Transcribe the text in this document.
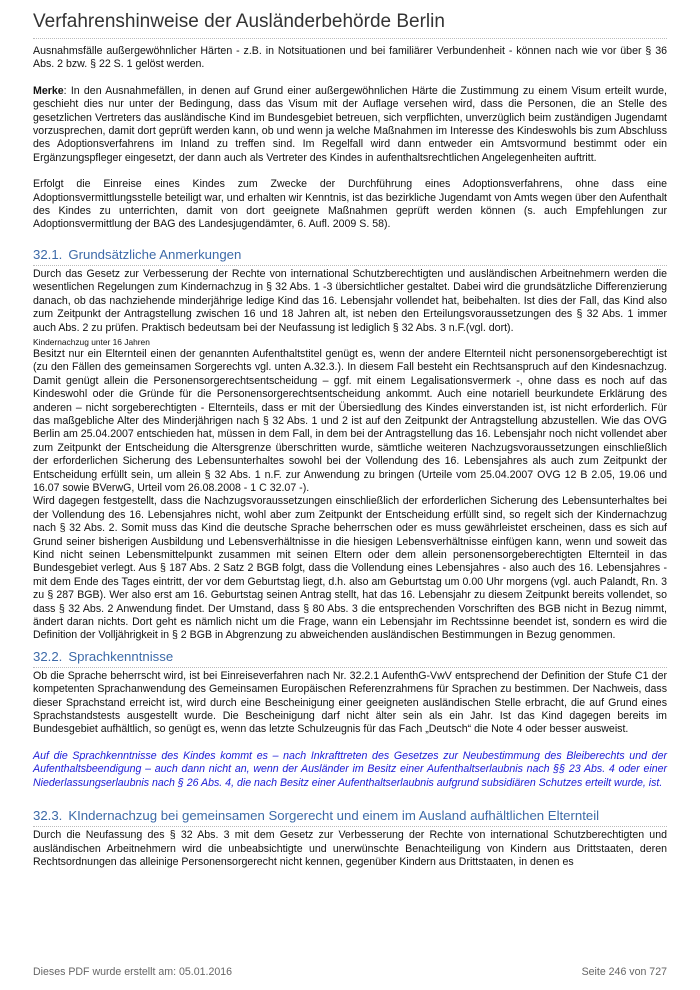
Verfahrenshinweise der Ausländerbehörde Berlin

Ausnahmsfälle außergewöhnlicher Härten - z.B. in Notsituationen und bei familiärer Verbundenheit - können nach wie vor über § 36 Abs. 2 bzw. § 22 S. 1 gelöst werden.

Merke: In den Ausnahmefällen, in denen auf Grund einer außergewöhnlichen Härte die Zustimmung zu einem Visum erteilt wurde, geschieht dies nur unter der Bedingung, dass das Visum mit der Auflage versehen wird, dass die Personen, die an Stelle des gesetzlichen Vertreters das ausländische Kind im Bundesgebiet betreuen, sich verpflichten, unverzüglich beim zuständigen Jugendamt vorzusprechen, damit dort geprüft werden kann, ob und wenn ja welche Maßnahmen im Interesse des Kindeswohls bis zum Abschluss des Adoptionsverfahrens im Inland zu treffen sind. Im Regelfall wird dann entweder ein Amtsvormund bestimmt oder ein Ergänzungspfleger eingesetzt, der dann auch als Vertreter des Kindes in aufenthaltsrechtlichen Angelegenheiten auftritt.

Erfolgt die Einreise eines Kindes zum Zwecke der Durchführung eines Adoptionsverfahrens, ohne dass eine Adoptionsvermittlungsstelle beteiligt war, und erhalten wir Kenntnis, ist das bezirkliche Jugendamt von Amts wegen über den Aufenthalt des Kindes zu unterrichten, damit von dort geeignete Maßnahmen geprüft werden können (s. auch Empfehlungen zur Adoptionsvermittlung der BAG des Landesjugendämter, 6. Aufl. 2009 S. 58).

32.1. Grundsätzliche Anmerkungen

Durch das Gesetz zur Verbesserung der Rechte von international Schutzberechtigten und ausländischen Arbeitnehmern werden die wesentlichen Regelungen zum Kindernachzug in § 32 Abs. 1 -3 übersichtlicher gestaltet. Dabei wird die grundsätzliche Differenzierung danach, ob das nachziehende minderjährige ledige Kind das 16. Lebensjahr vollendet hat, beibehalten. Ist dies der Fall, das Kind also zum Zeitpunkt der Antragstellung zwischen 16 und 18 Jahren alt, ist neben den Erteilungsvoraussetzungen des § 32 Abs. 1 immer auch Abs. 2 zu prüfen. Praktisch bedeutsam bei der Neufassung ist lediglich § 32 Abs. 3 n.F.(vgl. dort).

Kindernachzug unter 16 Jahren

Besitzt nur ein Elternteil einen der genannten Aufenthaltstitel genügt es, wenn der andere Elternteil nicht personensorgeberechtigt ist (zu den Fällen des gemeinsamen Sorgerechts vgl. unten A.32.3.). In diesem Fall besteht ein Rechtsanspruch auf den Kindesnachzug. Damit genügt allein die Personensorgerechtsentscheidung – ggf. mit einem Legalisationsvermerk -, ohne dass es noch auf das Kindeswohl oder die Gründe für die Personensorgerechtsentscheidung ankommt. Auch eine notariell beurkundete Erklärung des anderen – nicht sorgeberechtigten - Elternteils, dass er mit der Übersiedlung des Kindes einverstanden ist, ist nicht erforderlich. Für das maßgebliche Alter des Minderjährigen nach § 32 Abs. 1 und 2 ist auf den Zeitpunkt der Antragstellung abzustellen. Wie das OVG Berlin am 25.04.2007 entschieden hat, müssen in dem Fall, in dem bei der Antragstellung das 16. Lebensjahr noch nicht vollendet aber zum Zeitpunkt der Entscheidung die Altersgrenze überschritten wurde, sämtliche weiteren Nachzugsvoraussetzungen einschließlich der erforderlichen Sicherung des Lebensunterhaltes sowohl bei der Vollendung des 16. Lebensjahres als auch zum Zeitpunkt der Entscheidung erfüllt sein, um allein § 32 Abs. 1 n.F. zur Anwendung zu bringen (Urteile vom 25.04.2007 OVG 12 B 2.05, 19.06 und 16.07 sowie BVerwG, Urteil vom 26.08.2008 - 1 C 32.07 -).

Wird dagegen festgestellt, dass die Nachzugsvoraussetzungen einschließlich der erforderlichen Sicherung des Lebensunterhaltes bei der Vollendung des 16. Lebensjahres nicht, wohl aber zum Zeitpunkt der Entscheidung erfüllt sind, so regelt sich der Kindernachzug nach § 32 Abs. 2. Somit muss das Kind die deutsche Sprache beherrschen oder es muss gewährleistet erscheinen, dass es sich auf Grund seiner bisherigen Ausbildung und Lebensverhältnisse in die hiesigen Lebensverhältnisse einfügen kann, wenn und soweit das Kind nicht seinen Lebensmittelpunkt zusammen mit seinen Eltern oder dem allein personensorgeberechtigten Elternteil in das Bundesgebiet verlegt. Aus § 187 Abs. 2 Satz 2 BGB folgt, dass die Vollendung eines Lebensjahres - also auch des 16. Lebensjahres - mit dem Ende des Tages eintritt, der vor dem Geburtstag liegt, d.h. also am Geburtstag um 0.00 Uhr morgens (vgl. auch Palandt, Rn. 3 zu § 287 BGB). Wer also erst am 16. Geburtstag seinen Antrag stellt, hat das 16. Lebensjahr zu diesem Zeitpunkt bereits vollendet, so dass § 32 Abs. 2 Anwendung findet. Der Umstand, dass § 80 Abs. 3 die entsprechenden Vorschriften des BGB nicht in Bezug nimmt, ändert daran nichts. Dort geht es nämlich nicht um die Frage, wann ein Lebensjahr im Rechtssinne beendet ist, sondern es wird die Definition der Volljährigkeit in § 2 BGB in Abgrenzung zu abweichenden ausländischen Bestimmungen in Bezug genommen.

32.2. Sprachkenntnisse

Ob die Sprache beherrscht wird, ist bei Einreiseverfahren nach Nr. 32.2.1 AufenthG-VwV entsprechend der Definition der Stufe C1 der kompetenten Sprachanwendung des Gemeinsamen Europäischen Referenzrahmens für Sprachen zu bestimmen. Der Nachweis, dass dieser Sprachstand erreicht ist, wird durch eine Bescheinigung einer geeigneten ausländischen Stelle erbracht, die auf Grund eines Sprachstandstests ausgestellt wurde. Die Bescheinigung darf nicht älter sein als ein Jahr. Ist das Kind dagegen bereits im Bundesgebiet aufhältlich, so genügt es, wenn das letzte Schulzeugnis für das Fach „Deutsch“ die Note 4 oder besser ausweist.

Auf die Sprachkenntnisse des Kindes kommt es – nach Inkrafttreten des Gesetzes zur Neubestimmung des Bleiberechts und der Aufenthaltsbeendigung – auch dann nicht an, wenn der Ausländer im Besitz einer Aufenthaltserlaubnis nach §§ 23 Abs. 4 oder einer Niederlassungserlaubnis nach § 26 Abs. 4, die nach Besitz einer Aufenthaltserlaubnis aufgrund subsidiären Schutzes erteilt wurde, ist.

32.3. KIndernachzug bei gemeinsamen Sorgerecht und einem im Ausland aufhältlichen Elternteil

Durch die Neufassung des § 32 Abs. 3 mit dem Gesetz zur Verbesserung der Rechte von international Schutzberechtigten und ausländischen Arbeitnehmern wird die unbeabsichtigte und unerwünschte Benachteiligung von Kindern aus Drittstaaten, deren Rechtsordnungen das alleinige Personensorgerecht nicht kennen, gegenüber Kindern aus Drittstaaten, in denen es

Dieses PDF wurde erstellt am: 05.01.2016	Seite 246 von 727
